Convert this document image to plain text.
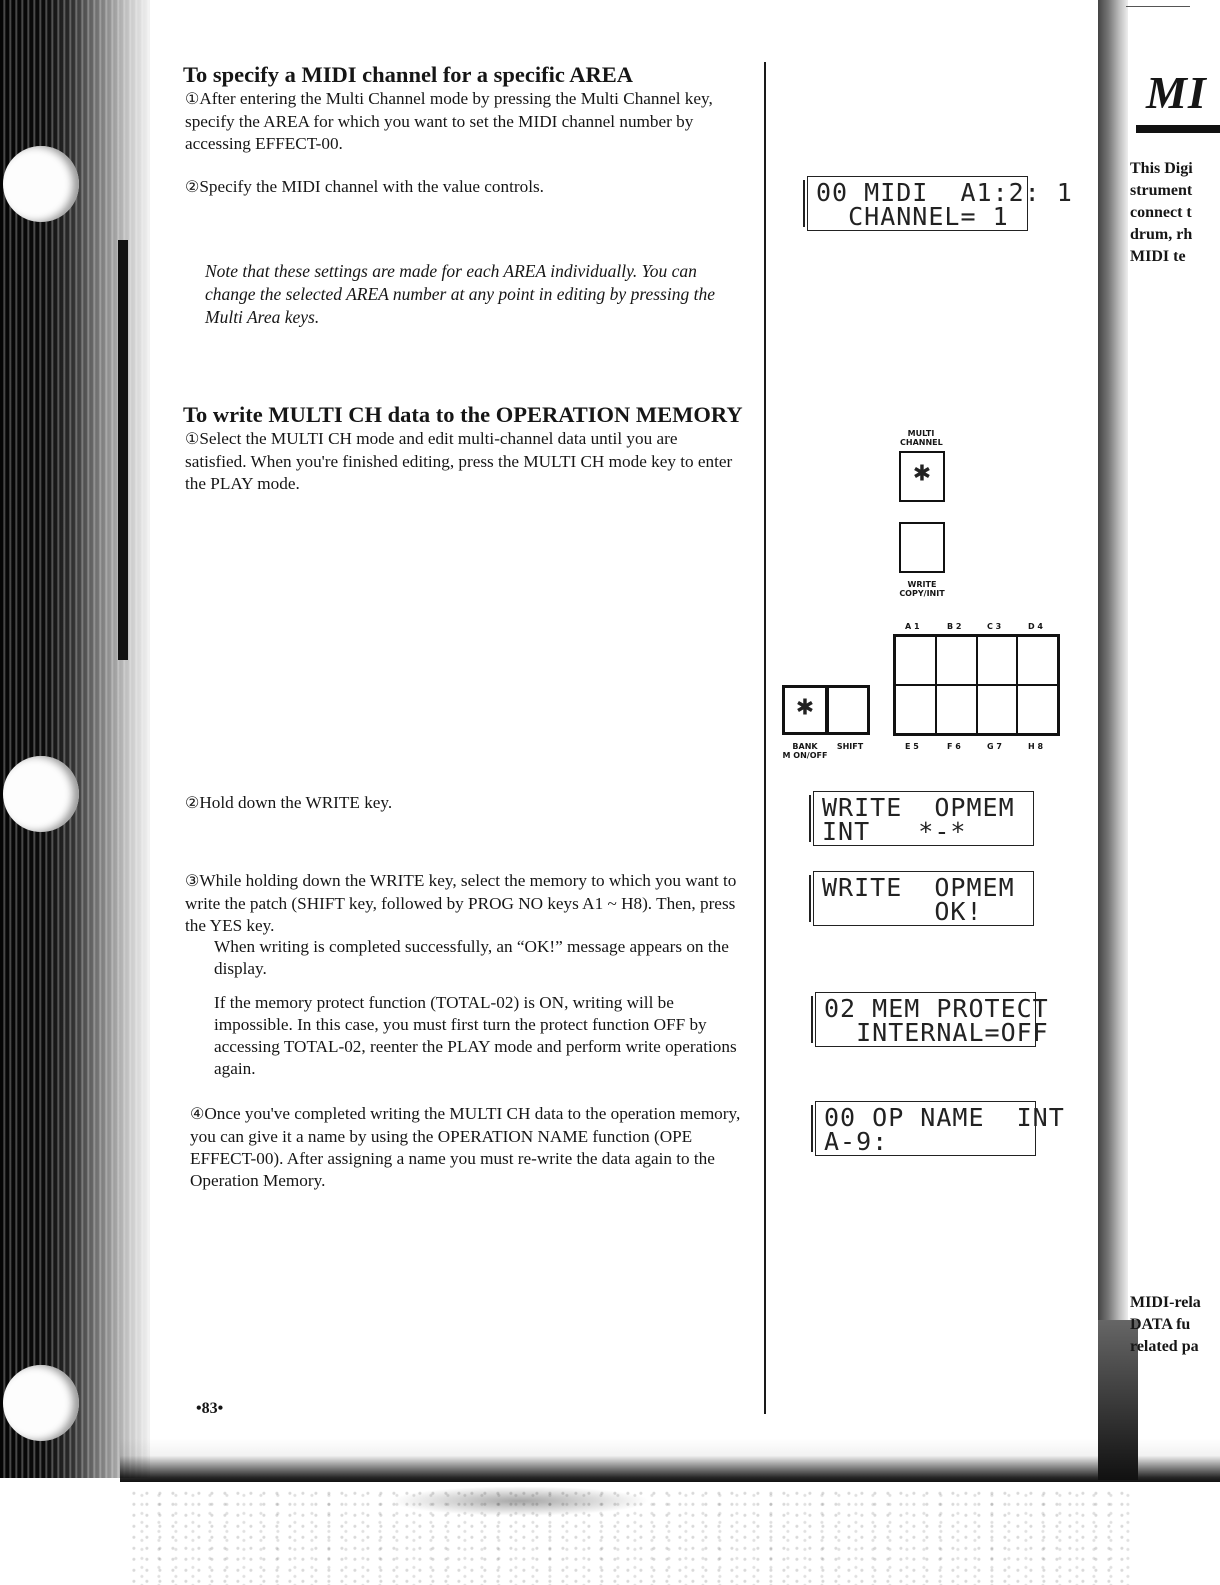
To specify a MIDI channel for a specific AREA
①After entering the Multi Channel mode by pressing the Multi Channel key, specify the AREA for which you want to set the MIDI channel number by accessing EFFECT-00.
②Specify the MIDI channel with the value controls.
Note that these settings are made for each AREA individually. You can change the selected AREA number at any point in editing by pressing the Multi Area keys.
To write MULTI CH data to the OPERATION MEMORY
①Select the MULTI CH mode and edit multi-channel data until you are satisfied. When you're finished editing, press the MULTI CH mode key to enter the PLAY mode.
②Hold down the WRITE key.
③While holding down the WRITE key, select the memory to which you want to write the patch (SHIFT key, followed by PROG NO keys A1 ~ H8). Then, press the YES key.
When writing is completed successfully, an “OK!” message appears on the display.
If the memory protect function (TOTAL-02) is ON, writing will be impossible. In this case, you must first turn the protect function OFF by accessing TOTAL-02, reenter the PLAY mode and perform write operations again.
④Once you've completed writing the MULTI CH data to the operation memory, you can give it a name by using the OPERATION NAME function (OPE EFFECT-00). After assigning a name you must re-write the data again to the Operation Memory.
•83•
00 MIDI  A1:2: 1
CHANNEL= 1
WRITE  OPMEM
INT   *-*
WRITE  OPMEM
OK!
02 MEM PROTECT
INTERNAL=OFF
00 OP NAME  INT
A-9:
MULTI
CHANNEL
✱
WRITE
COPY/INIT
A 1	B 2	C 3	D 4
E 5	F 6	G 7	H 8
✱
BANK
M ON/OFF
SHIFT
MI
This Digi
strument
connect t
drum, rh
MIDI te
MIDI-rela
DATA fu
related pa
